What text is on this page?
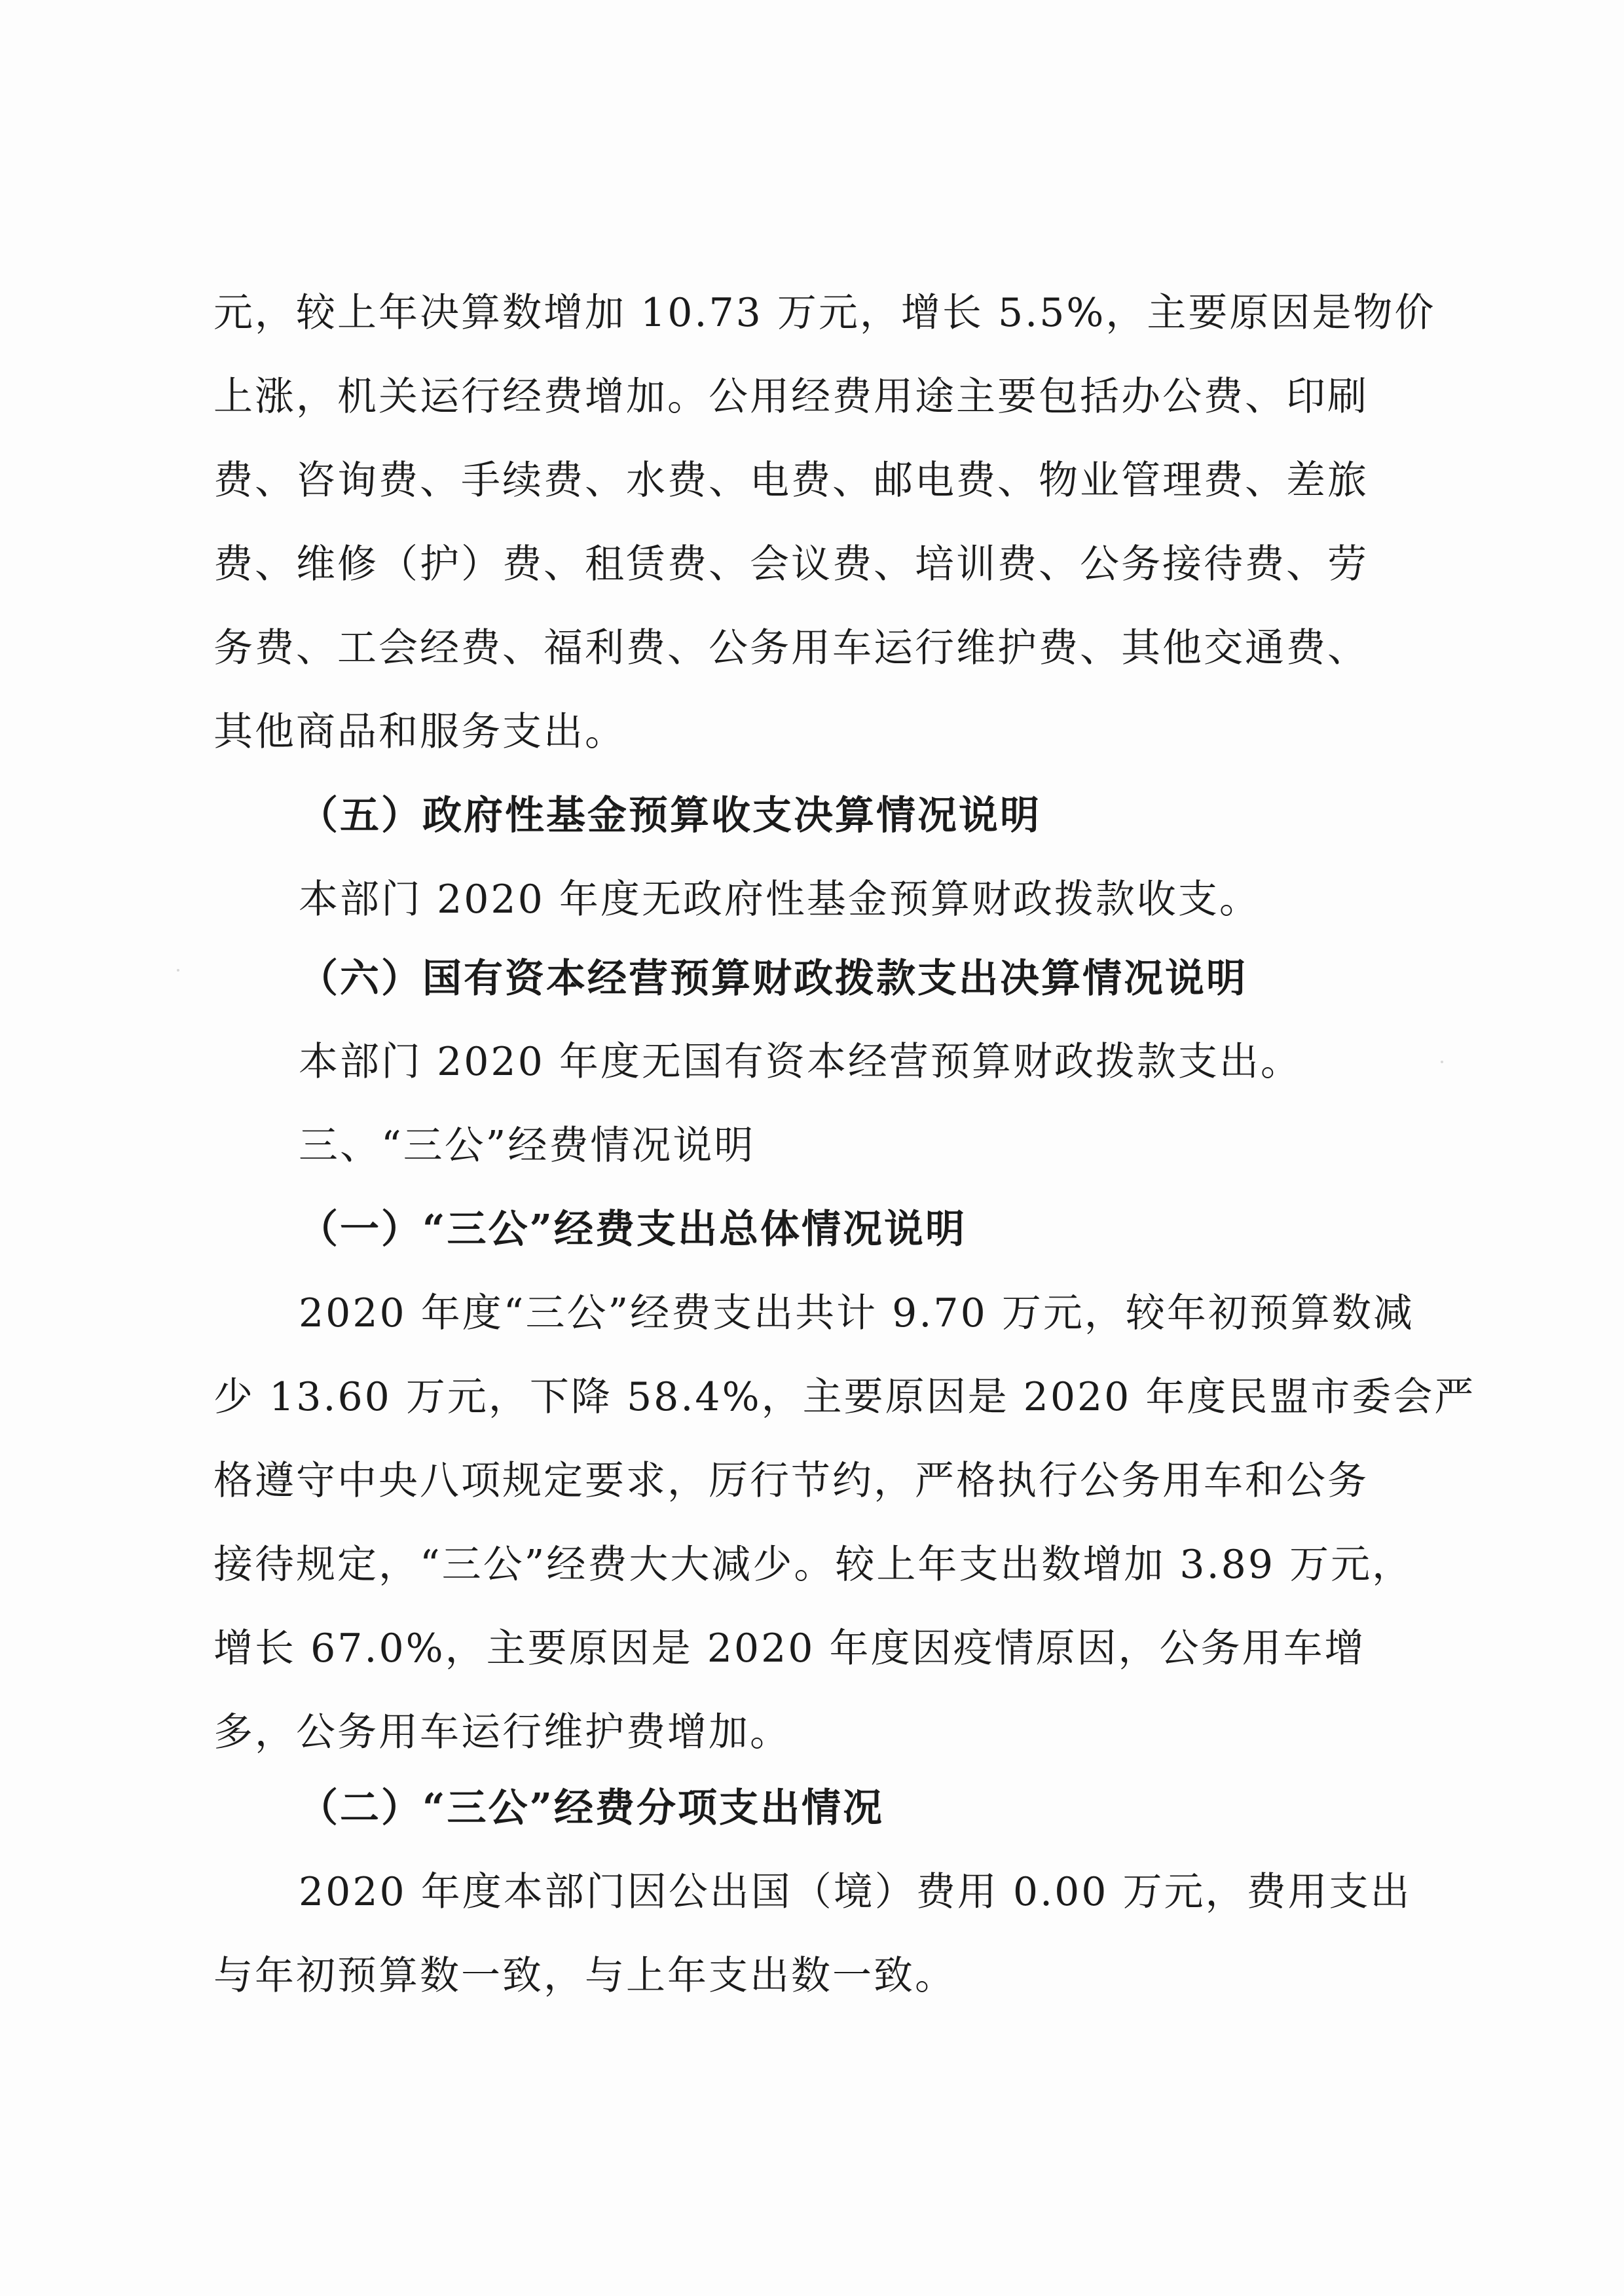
元，较上年决算数增加 10.73 万元，增长 5.5%，主要原因是物价
上涨，机关运行经费增加。公用经费用途主要包括办公费、印刷
费、咨询费、手续费、水费、电费、邮电费、物业管理费、差旅
费、维修（护）费、租赁费、会议费、培训费、公务接待费、劳
务费、工会经费、福利费、公务用车运行维护费、其他交通费、
其他商品和服务支出。
（五）政府性基金预算收支决算情况说明
本部门 2020 年度无政府性基金预算财政拨款收支。
（六）国有资本经营预算财政拨款支出决算情况说明
本部门 2020 年度无国有资本经营预算财政拨款支出。
三、“三公”经费情况说明
（一）“三公”经费支出总体情况说明
2020 年度“三公”经费支出共计 9.70 万元，较年初预算数减
少 13.60 万元，下降 58.4%，主要原因是 2020 年度民盟市委会严
格遵守中央八项规定要求，厉行节约，严格执行公务用车和公务
接待规定，“三公”经费大大减少。较上年支出数增加 3.89 万元，
增长 67.0%，主要原因是 2020 年度因疫情原因，公务用车增
多，公务用车运行维护费增加。
（二）“三公”经费分项支出情况
2020 年度本部门因公出国（境）费用 0.00 万元，费用支出
与年初预算数一致，与上年支出数一致。
